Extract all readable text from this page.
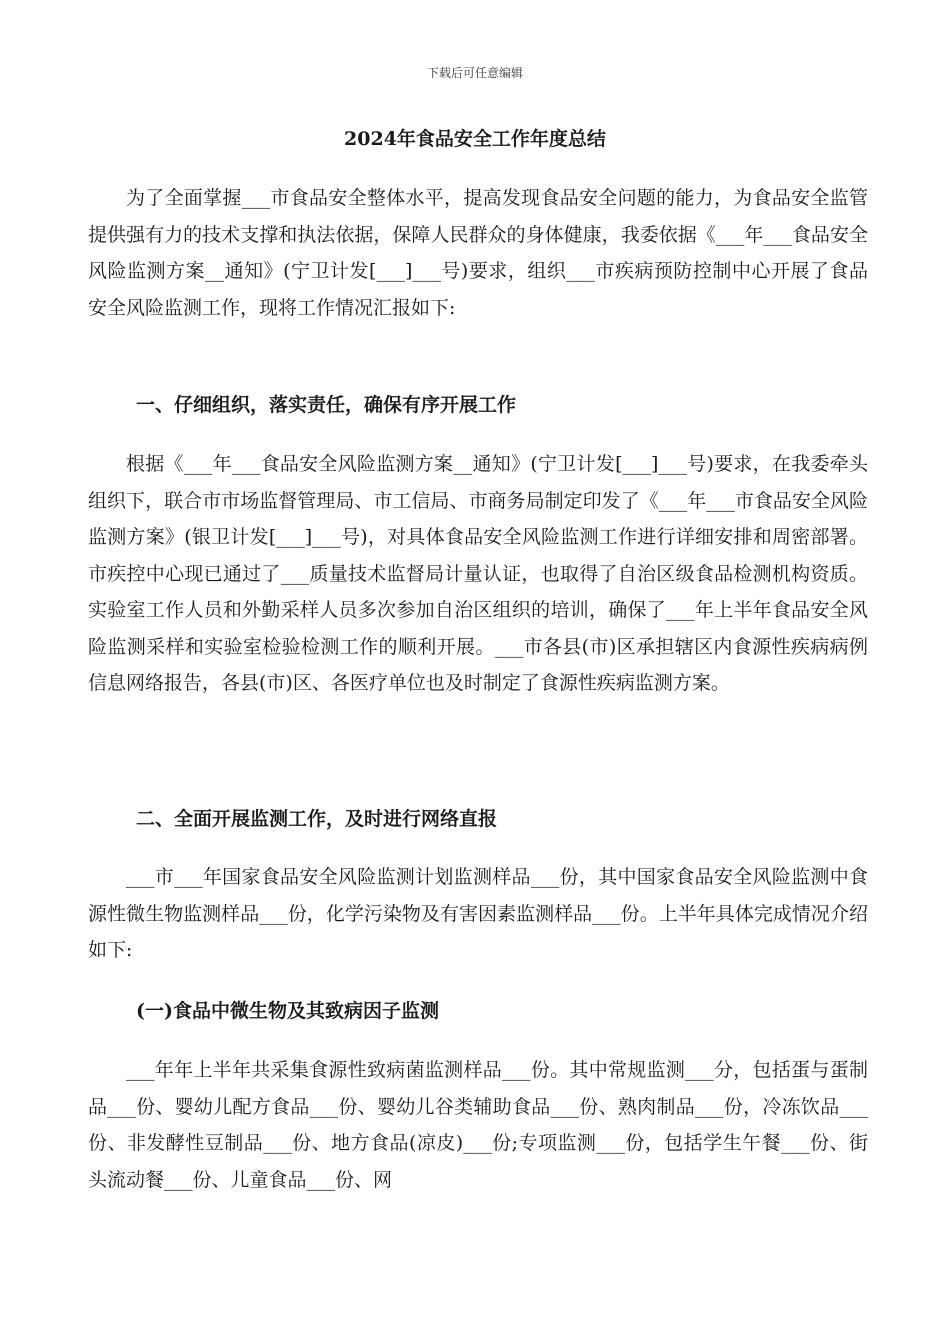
下载后可任意编辑
2024年食品安全工作年度总结

为了全面掌握___市食品安全整体水平，提高发现食品安全问题的能力，为食品安全监管提供强有力的技术支撑和执法依据，保障人民群众的身体健康，我委依据《___年___食品安全风险监测方案__通知》(宁卫计发[___]___号)要求，组织___市疾病预防控制中心开展了食品安全风险监测工作，现将工作情况汇报如下:

一、仔细组织，落实责任，确保有序开展工作

根据《___年___食品安全风险监测方案__通知》(宁卫计发[___]___号)要求，在我委牵头组织下，联合市市场监督管理局、市工信局、市商务局制定印发了《___年___市食品安全风险监测方案》(银卫计发[___]___号)，对具体食品安全风险监测工作进行详细安排和周密部署。市疾控中心现已通过了___质量技术监督局计量认证，也取得了自治区级食品检测机构资质。实验室工作人员和外勤采样人员多次参加自治区组织的培训，确保了___年上半年食品安全风险监测采样和实验室检验检测工作的顺利开展。___市各县(市)区承担辖区内食源性疾病病例信息网络报告，各县(市)区、各医疗单位也及时制定了食源性疾病监测方案。

二、全面开展监测工作，及时进行网络直报

___市___年国家食品安全风险监测计划监测样品___份，其中国家食品安全风险监测中食源性微生物监测样品___份，化学污染物及有害因素监测样品___份。上半年具体完成情况介绍如下:

(一)食品中微生物及其致病因子监测

___年年上半年共采集食源性致病菌监测样品___份。其中常规监测___分，包括蛋与蛋制品___份、婴幼儿配方食品___份、婴幼儿谷类辅助食品___份、熟肉制品___份，冷冻饮品___份、非发酵性豆制品___份、地方食品(凉皮)___份;专项监测___份，包括学生午餐___份、街头流动餐___份、儿童食品___份、网
